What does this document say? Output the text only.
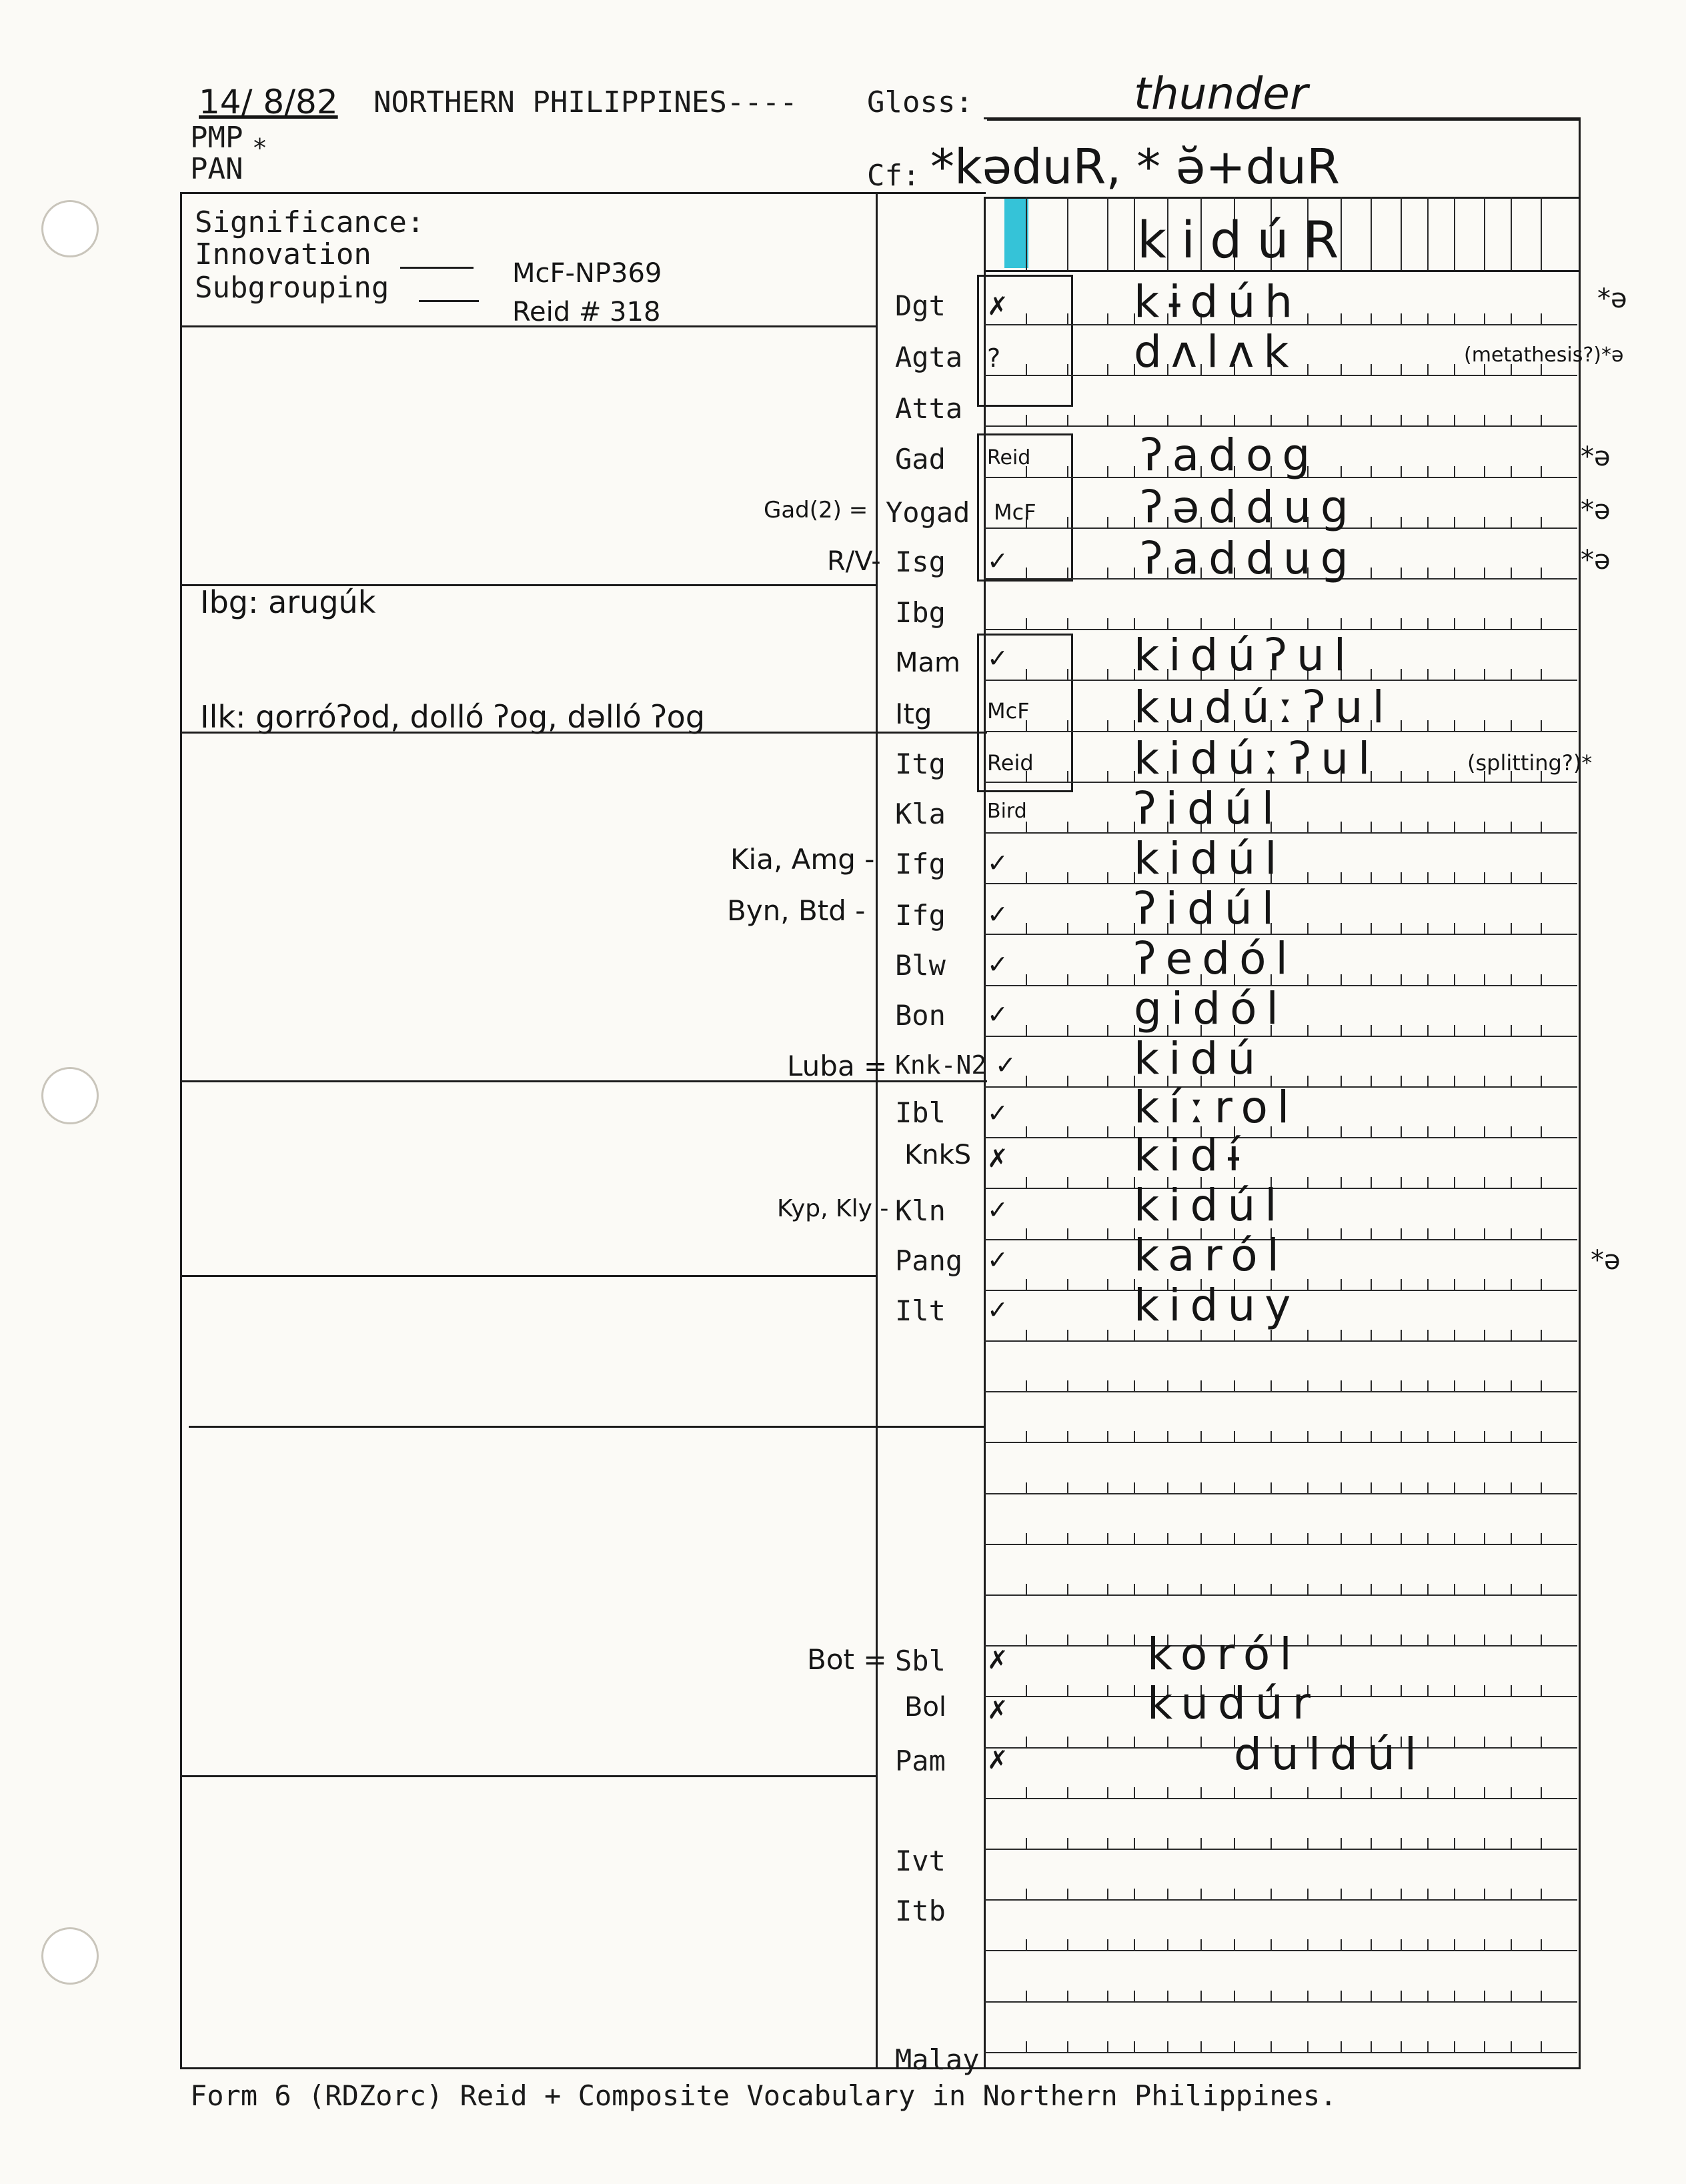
14/ 8/82 NORTHERN PHILIPPINES---- Gloss:	thunder
PMP *
PAN	Cf: *kəduR, * ə̆+duR
kidúR
Significance:
Innovation
Subgrouping	McF-NP369
Reid # 318
Ibg: arugúk
Ilk: gorróʔod, dolló ʔog, dəlló ʔog
Dgt ✗	kɨdúh	*ə
Agta ?	dʌlʌk	(metathesis?)*ə
Atta
Gad Reid ʔadog	*ə
Gad(2) = Yogad McF ʔəddug	*ə
R/V- Isg ✓	ʔaddug	*ə
Ibg
Mam ✓	kidúʔul
Itg	McF kudúːʔul
Itg Reid kidúːʔul	(splitting?)*
Kla Bird ʔidúl
Kia, Amg - Ifg ✓	kidúl
Byn, Btd - Ifg ✓	ʔidúl
Blw ✓	ʔedól
Bon ✓	gidól
Luba = Knk-N2 ✓	kidú
Ibl ✓	kíːrol
KnkS ✗	kidɨ́
Kyp, Kly - Kln ✓	kidúl
Pang ✓	karól	*ə
Ilt ✓	kiduy
Bot = Sbl ✗	koról
Bol ✗	kudúr
Pam ✗	duldúl
Ivt
Itb
Malay
Form 6 (RDZorc) Reid + Composite Vocabulary in Northern Philippines.
